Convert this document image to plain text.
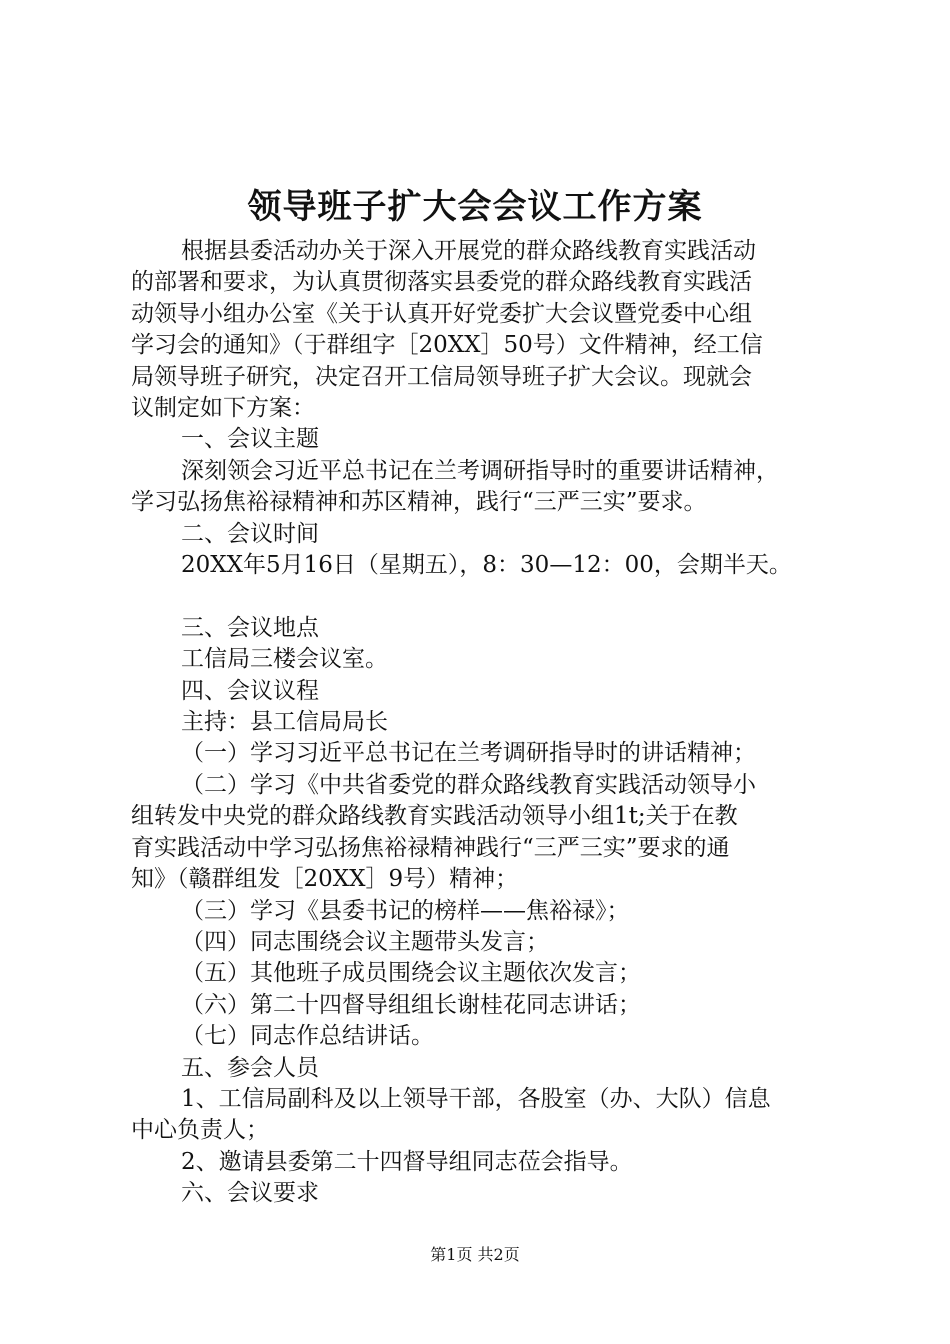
领导班子扩大会会议工作方案

根据县委活动办关于深入开展党的群众路线教育实践活动

的部署和要求，为认真贯彻落实县委党的群众路线教育实践活

动领导小组办公室《关于认真开好党委扩大会议暨党委中心组

学习会的通知》（于群组字［20XX］50号）文件精神，经工信

局领导班子研究，决定召开工信局领导班子扩大会议。现就会

议制定如下方案：

一、会议主题

深刻领会习近平总书记在兰考调研指导时的重要讲话精神，

学习弘扬焦裕禄精神和苏区精神，践行“三严三实”要求。

二、会议时间

20XX年5月16日（星期五），8：30—12：00，会期半天。

三、会议地点

工信局三楼会议室。

四、会议议程

主持：县工信局局长

（一）学习习近平总书记在兰考调研指导时的讲话精神；

（二）学习《中共省委党的群众路线教育实践活动领导小

组转发中央党的群众路线教育实践活动领导小组1t;关于在教

育实践活动中学习弘扬焦裕禄精神践行“三严三实”要求的通

知》（赣群组发［20XX］9号）精神；

（三）学习《县委书记的榜样——焦裕禄》；

（四）同志围绕会议主题带头发言；

（五）其他班子成员围绕会议主题依次发言；

（六）第二十四督导组组长谢桂花同志讲话；

（七）同志作总结讲话。

五、参会人员

1、工信局副科及以上领导干部，各股室（办、大队）信息

中心负责人；

2、邀请县委第二十四督导组同志莅会指导。

六、会议要求

第1页 共2页
